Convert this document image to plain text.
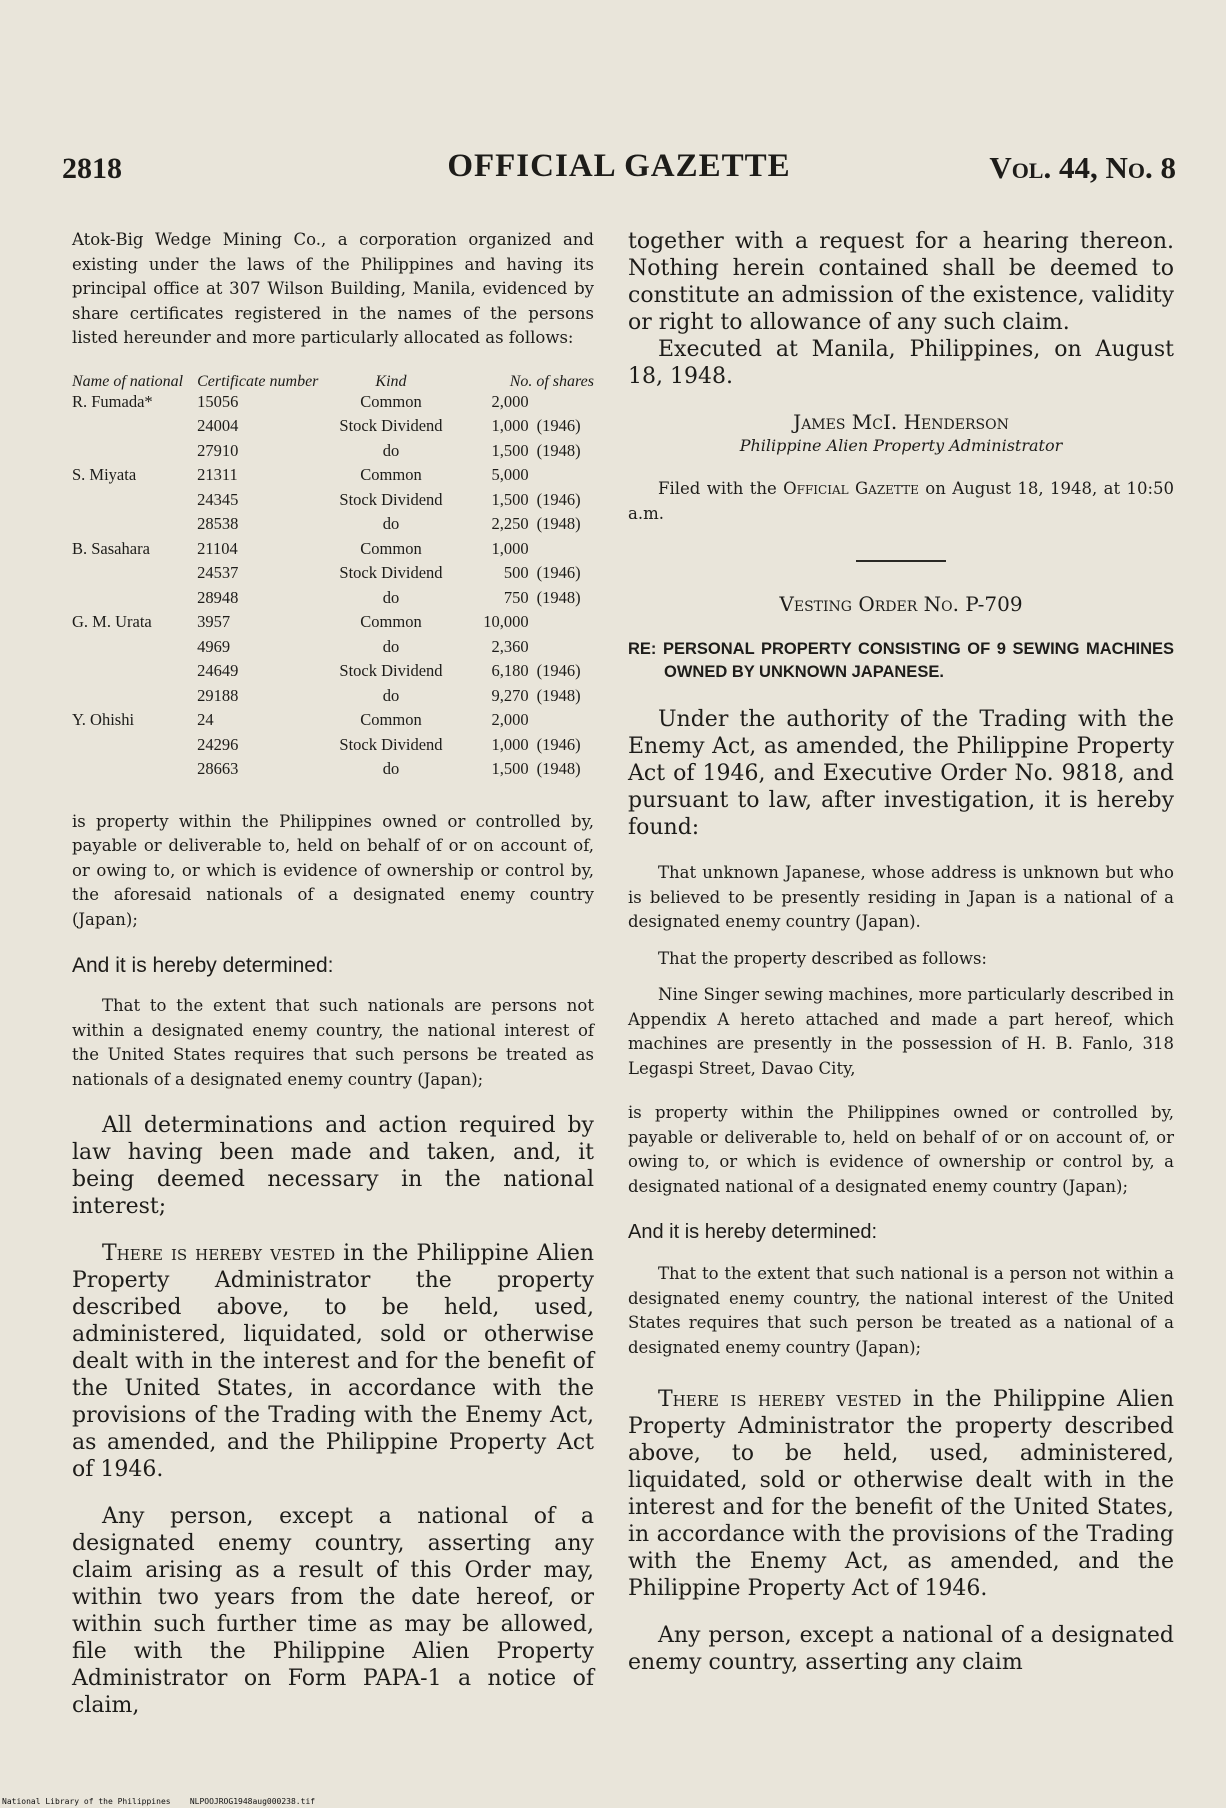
2818	OFFICIAL GAZETTE	Vol. 44, No. 8

Atok-Big Wedge Mining Co., a corporation organized and existing under the laws of the Philippines and having its principal office at 307 Wilson Building, Manila, evidenced by share certificates registered in the names of the persons listed hereunder and more particularly allocated as follows:

Name of national	Certificate number	Kind	No. of shares	
R. Fumada*	15056	Common	2,000	
	24004	Stock Dividend	1,000	(1946)
	27910	do	1,500	(1948)
S. Miyata	21311	Common	5,000	
	24345	Stock Dividend	1,500	(1946)
	28538	do	2,250	(1948)
B. Sasahara	21104	Common	1,000	
	24537	Stock Dividend	500	(1946)
	28948	do	750	(1948)
G. M. Urata	3957	Common	10,000	
	4969	do	2,360	
	24649	Stock Dividend	6,180	(1946)
	29188	do	9,270	(1948)
Y. Ohishi	24	Common	2,000	
	24296	Stock Dividend	1,000	(1946)
	28663	do	1,500	(1948)

is property within the Philippines owned or controlled by, payable or deliverable to, held on behalf of or on account of, or owing to, or which is evidence of ownership or control by, the aforesaid nationals of a designated enemy country (Japan);

And it is hereby determined:

That to the extent that such nationals are persons not within a designated enemy country, the national interest of the United States requires that such persons be treated as nationals of a designated enemy country (Japan);

All determinations and action required by law having been made and taken, and, it being deemed necessary in the national interest;

There is hereby vested in the Philippine Alien Property Administrator the property described above, to be held, used, administered, liquidated, sold or otherwise dealt with in the interest and for the benefit of the United States, in accordance with the provisions of the Trading with the Enemy Act, as amended, and the Philippine Property Act of 1946.

Any person, except a national of a designated enemy country, asserting any claim arising as a result of this Order may, within two years from the date hereof, or within such further time as may be allowed, file with the Philippine Alien Property Administrator on Form PAPA-1 a notice of claim,

together with a request for a hearing thereon. Nothing herein contained shall be deemed to constitute an admission of the existence, validity or right to allowance of any such claim.

Executed at Manila, Philippines, on August 18, 1948.

James McI. Henderson
Philippine Alien Property Administrator

Filed with the Official Gazette on August 18, 1948, at 10:50 a.m.

Vesting Order No. P-709

RE: PERSONAL PROPERTY CONSISTING OF 9 SEWING MACHINES OWNED BY UNKNOWN JAPANESE.

Under the authority of the Trading with the Enemy Act, as amended, the Philippine Property Act of 1946, and Executive Order No. 9818, and pursuant to law, after investigation, it is hereby found:

That unknown Japanese, whose address is unknown but who is believed to be presently residing in Japan is a national of a designated enemy country (Japan).

That the property described as follows:

Nine Singer sewing machines, more particularly described in Appendix A hereto attached and made a part hereof, which machines are presently in the possession of H. B. Fanlo, 318 Legaspi Street, Davao City,

is property within the Philippines owned or controlled by, payable or deliverable to, held on behalf of or on account of, or owing to, or which is evidence of ownership or control by, a designated national of a designated enemy country (Japan);

And it is hereby determined:

That to the extent that such national is a person not within a designated enemy country, the national interest of the United States requires that such person be treated as a national of a designated enemy country (Japan);

There is hereby vested in the Philippine Alien Property Administrator the property described above, to be held, used, administered, liquidated, sold or otherwise dealt with in the interest and for the benefit of the United States, in accordance with the provisions of the Trading with the Enemy Act, as amended, and the Philippine Property Act of 1946.

Any person, except a national of a designated enemy country, asserting any claim

National Library of the Philippines NLPOOJROG1948aug000238.tif
